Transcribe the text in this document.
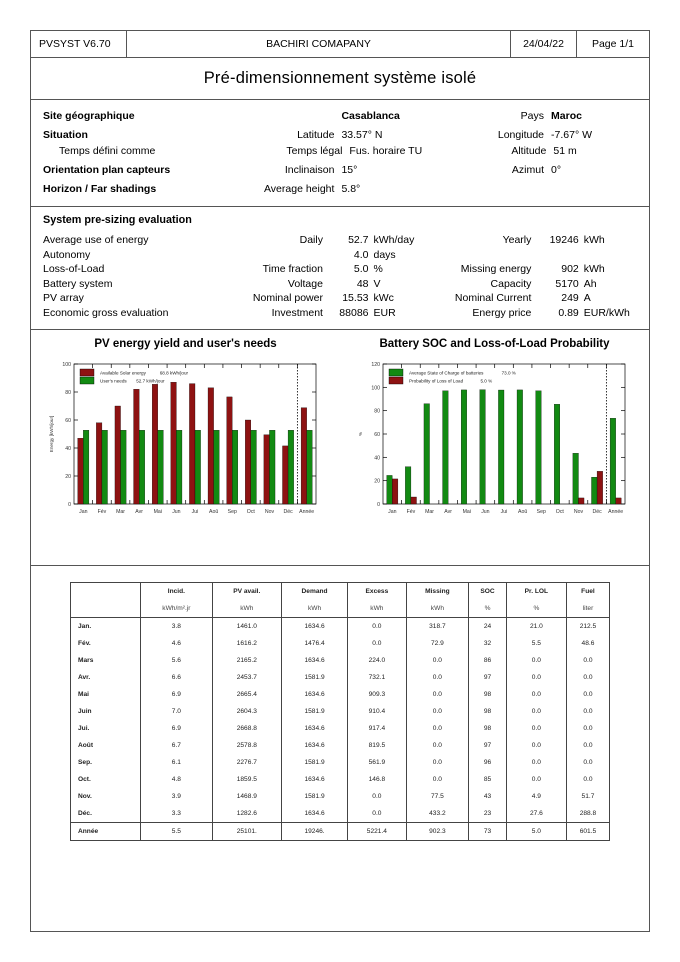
PVSYST V6.70	BACHIRI COMAPANY	24/04/22	Page 1/1
Pré-dimensionnement système isolé
Site géographique	Casablanca	Pays Maroc
Situation	Latitude 33.57° N	Longitude -7.67° W
Temps défini comme	Temps légal Fus. horaire TU	Altitude 51 m
Orientation plan capteurs	Inclinaison 15°	Azimut 0°
Horizon / Far shadings	Average height 5.8°
System pre-sizing evaluation
Average use of energy	Daily	52.7 kWh/day	Yearly	19246 kWh
Autonomy	4.0 days
Loss-of-Load	Time fraction	5.0 %	Missing energy	902 kWh
Battery system	Voltage	48 V	Capacity	5170 Ah
PV array	Nominal power	15.53 kWc	Nominal Current	249 A
Economic gross evaluation	Investment	88086 EUR	Energy price	0.89 EUR/kWh
PV energy yield and user's needs
0
20
40
60
80
100
Jan Fév Mar Avr Mai Jun Jui Aoû Sep Oct Nov Déc Année
Available Solar energy	68.8 kWh/jour
User's needs 52.7 kWh/jour
Energy [kWh/jour]
Battery SOC and Loss-of-Load Probability
0
20
40
60
80
100
120
Jan Fév Mar Avr Mai Jun Jui Aoû Sep Oct Nov Déc Année
Average State of Charge of batteries	73.0 %
Probability of Loss of Load	5.0 %
%
	Incid.	PV avail.	Demand	Excess	Missing	SOC	Pr. LOL	Fuel
	kWh/m².jr	kWh	kWh	kWh	kWh	%	%	liter
Jan.	3.8	1461.0	1634.6	0.0	318.7	24	21.0	212.5
Fév.	4.6	1616.2	1476.4	0.0	72.9	32	5.5	48.6
Mars	5.6	2165.2	1634.6	224.0	0.0	86	0.0	0.0
Avr.	6.6	2453.7	1581.9	732.1	0.0	97	0.0	0.0
Mai	6.9	2665.4	1634.6	909.3	0.0	98	0.0	0.0
Juin	7.0	2604.3	1581.9	910.4	0.0	98	0.0	0.0
Jui.	6.9	2668.8	1634.6	917.4	0.0	98	0.0	0.0
Août	6.7	2578.8	1634.6	819.5	0.0	97	0.0	0.0
Sep.	6.1	2276.7	1581.9	561.9	0.0	96	0.0	0.0
Oct.	4.8	1859.5	1634.6	146.8	0.0	85	0.0	0.0
Nov.	3.9	1468.9	1581.9	0.0	77.5	43	4.9	51.7
Déc.	3.3	1282.6	1634.6	0.0	433.2	23	27.6	288.8
Année	5.5	25101.	19246.	5221.4	902.3	73	5.0	601.5
